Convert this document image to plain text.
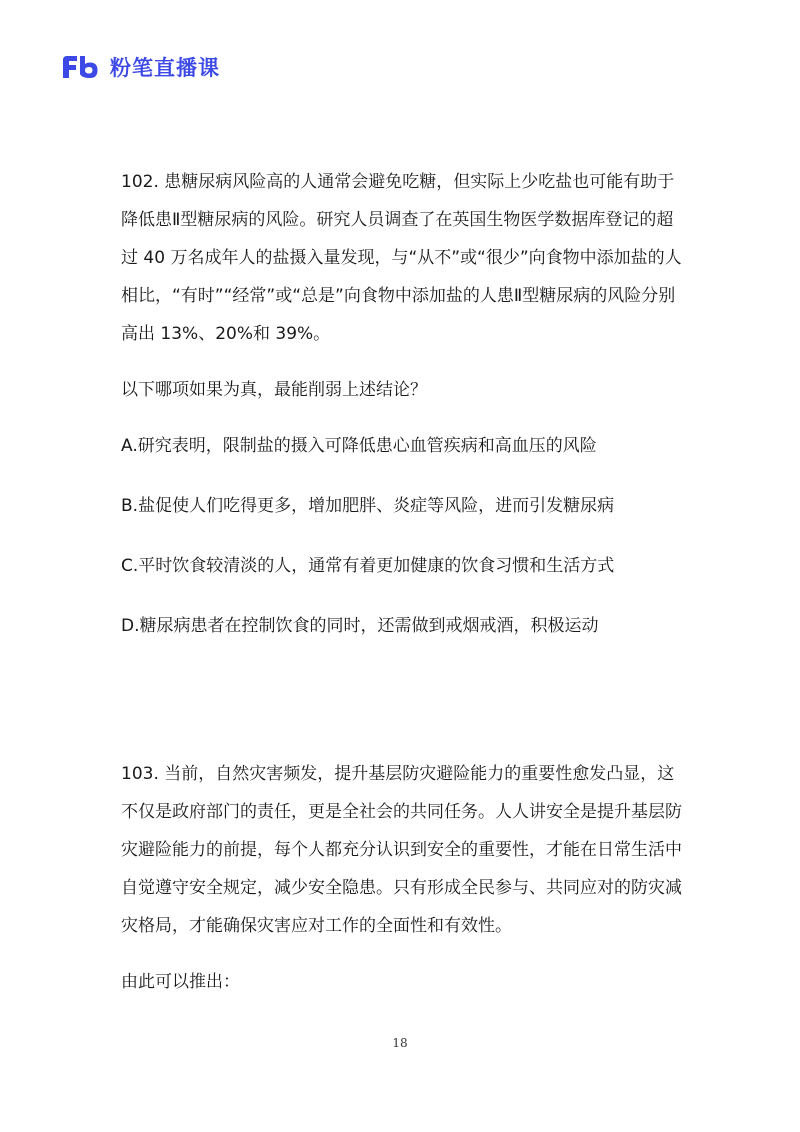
粉笔直播课

102. 患糖尿病风险高的人通常会避免吃糖，但实际上少吃盐也可能有助于降低患Ⅱ型糖尿病的风险。研究人员调查了在英国生物医学数据库登记的超过 40 万名成年人的盐摄入量发现，与“从不”或“很少”向食物中添加盐的人相比，“有时”“经常”或“总是”向食物中添加盐的人患Ⅱ型糖尿病的风险分别高出 13%、20%和 39%。

以下哪项如果为真，最能削弱上述结论？

A.研究表明，限制盐的摄入可降低患心血管疾病和高血压的风险

B.盐促使人们吃得更多，增加肥胖、炎症等风险，进而引发糖尿病

C.平时饮食较清淡的人，通常有着更加健康的饮食习惯和生活方式

D.糖尿病患者在控制饮食的同时，还需做到戒烟戒酒，积极运动

103. 当前，自然灾害频发，提升基层防灾避险能力的重要性愈发凸显，这不仅是政府部门的责任，更是全社会的共同任务。人人讲安全是提升基层防灾避险能力的前提，每个人都充分认识到安全的重要性，才能在日常生活中自觉遵守安全规定，减少安全隐患。只有形成全民参与、共同应对的防灾减灾格局，才能确保灾害应对工作的全面性和有效性。

由此可以推出：

18
